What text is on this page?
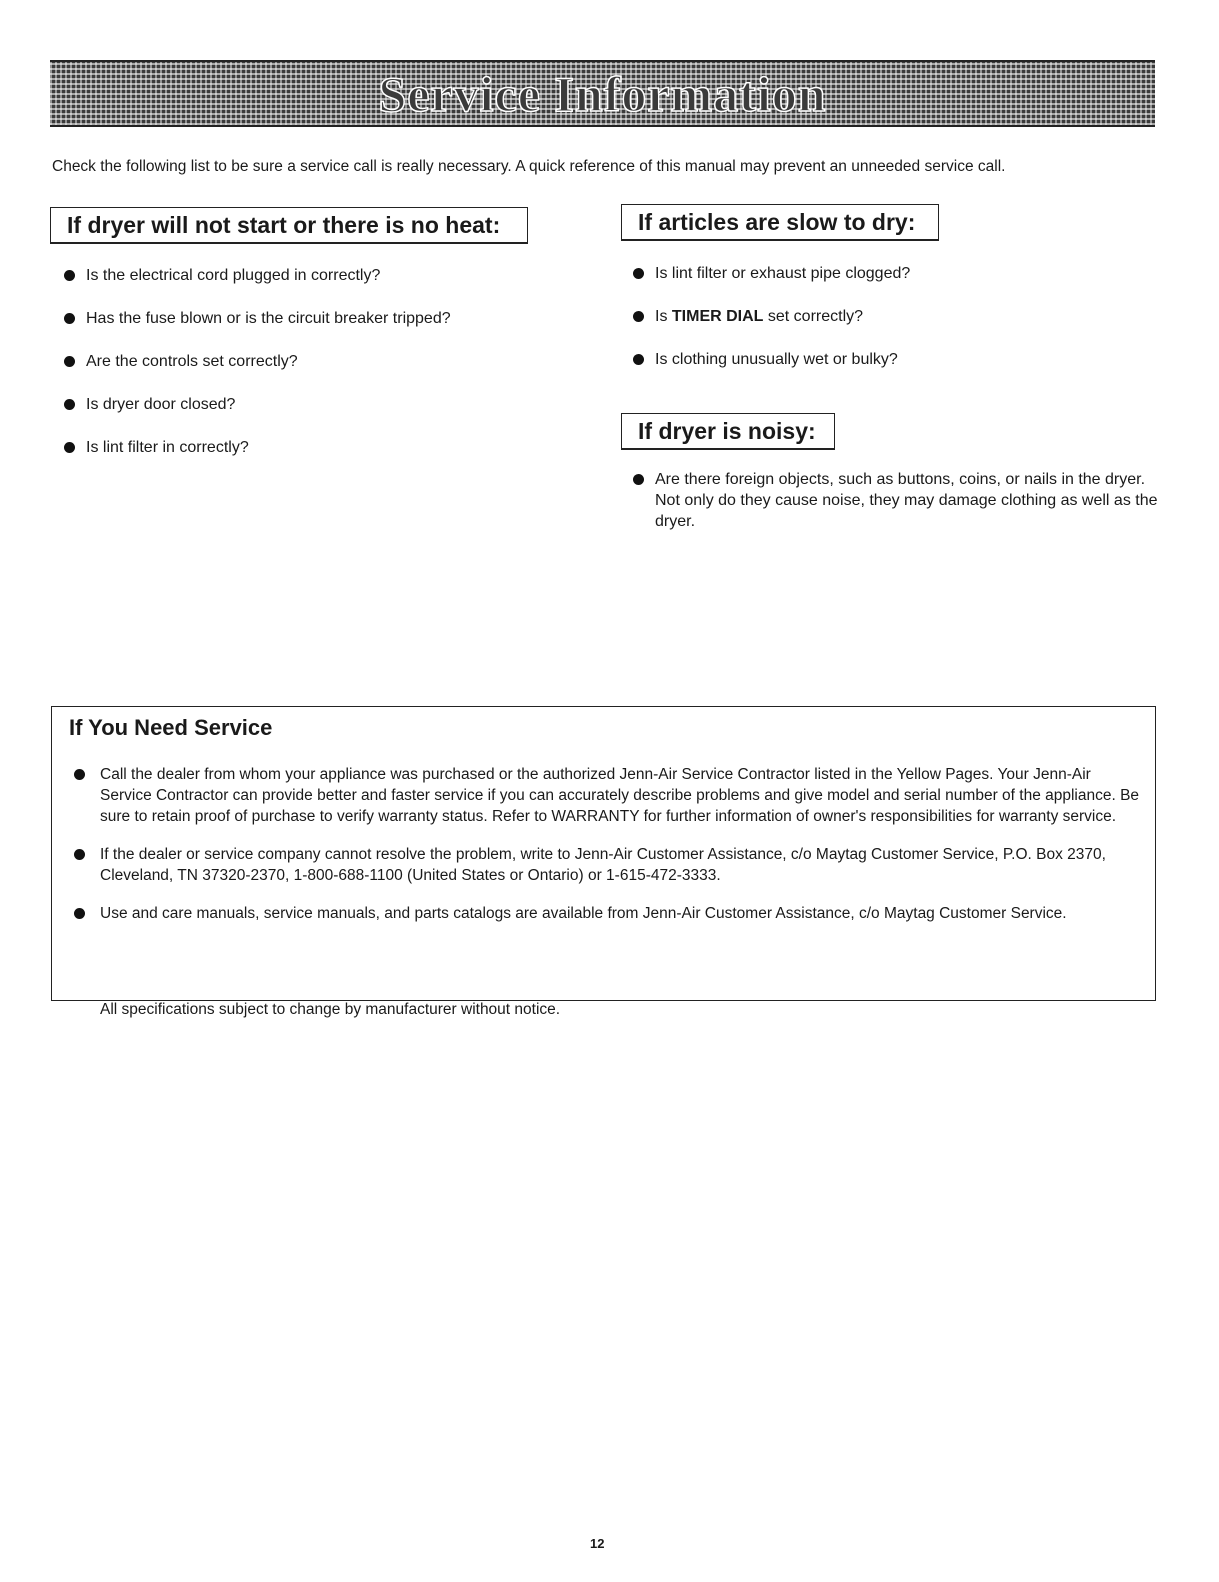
Service Information
Check the following list to be sure a service call is really necessary. A quick reference of this manual may prevent an unneeded service call.
If dryer will not start or there is no heat:
Is the electrical cord plugged in correctly?
Has the fuse blown or is the circuit breaker tripped?
Are the controls set correctly?
Is dryer door closed?
Is lint filter in correctly?
If articles are slow to dry:
Is lint filter or exhaust pipe clogged?
Is TIMER DIAL set correctly?
Is clothing unusually wet or bulky?
If dryer is noisy:
Are there foreign objects, such as buttons, coins, or nails in the dryer. Not only do they cause noise, they may damage clothing as well as the dryer.
If You Need Service
Call the dealer from whom your appliance was purchased or the authorized Jenn-Air Service Contractor listed in the Yellow Pages. Your Jenn-Air Service Contractor can provide better and faster service if you can accurately describe problems and give model and serial number of the appliance. Be sure to retain proof of purchase to verify warranty status. Refer to WARRANTY for further information of owner's responsibilities for warranty service.
If the dealer or service company cannot resolve the problem, write to Jenn-Air Customer Assistance, c/o Maytag Customer Service, P.O. Box 2370, Cleveland, TN 37320-2370, 1-800-688-1100 (United States or Ontario) or 1-615-472-3333.
Use and care manuals, service manuals, and parts catalogs are available from Jenn-Air Customer Assistance, c/o Maytag Customer Service.
All specifications subject to change by manufacturer without notice.
12
